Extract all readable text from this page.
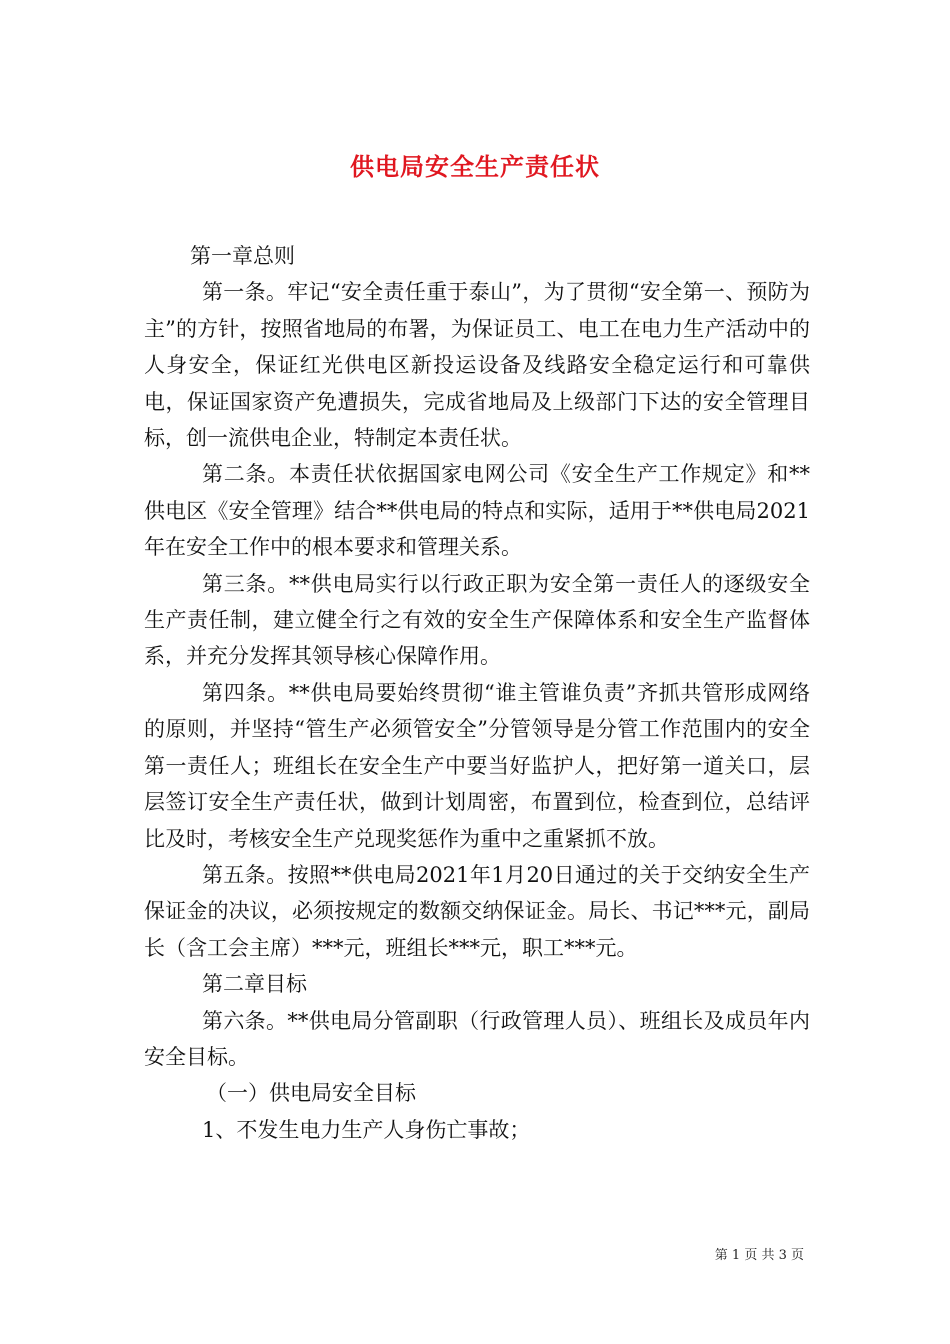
供电局安全生产责任状

第一章总则

第一条。牢记“安全责任重于泰山”，为了贯彻“安全第一、预防为主”的方针，按照省地局的布署，为保证员工、电工在电力生产活动中的人身安全，保证红光供电区新投运设备及线路安全稳定运行和可靠供电，保证国家资产免遭损失，完成省地局及上级部门下达的安全管理目标，创一流供电企业，特制定本责任状。

第二条。本责任状依据国家电网公司《安全生产工作规定》和**供电区《安全管理》结合**供电局的特点和实际，适用于**供电局2021年在安全工作中的根本要求和管理关系。

第三条。**供电局实行以行政正职为安全第一责任人的逐级安全生产责任制，建立健全行之有效的安全生产保障体系和安全生产监督体系，并充分发挥其领导核心保障作用。

第四条。**供电局要始终贯彻“谁主管谁负责”齐抓共管形成网络的原则，并坚持“管生产必须管安全”分管领导是分管工作范围内的安全第一责任人；班组长在安全生产中要当好监护人，把好第一道关口，层层签订安全生产责任状，做到计划周密，布置到位，检查到位，总结评比及时，考核安全生产兑现奖惩作为重中之重紧抓不放。

第五条。按照**供电局2021年1月20日通过的关于交纳安全生产保证金的决议，必须按规定的数额交纳保证金。局长、书记***元，副局长（含工会主席）***元，班组长***元，职工***元。

第二章目标

第六条。**供电局分管副职（行政管理人员）、班组长及成员年内安全目标。

（一）供电局安全目标

1、不发生电力生产人身伤亡事故；

第 1 页 共 3 页
